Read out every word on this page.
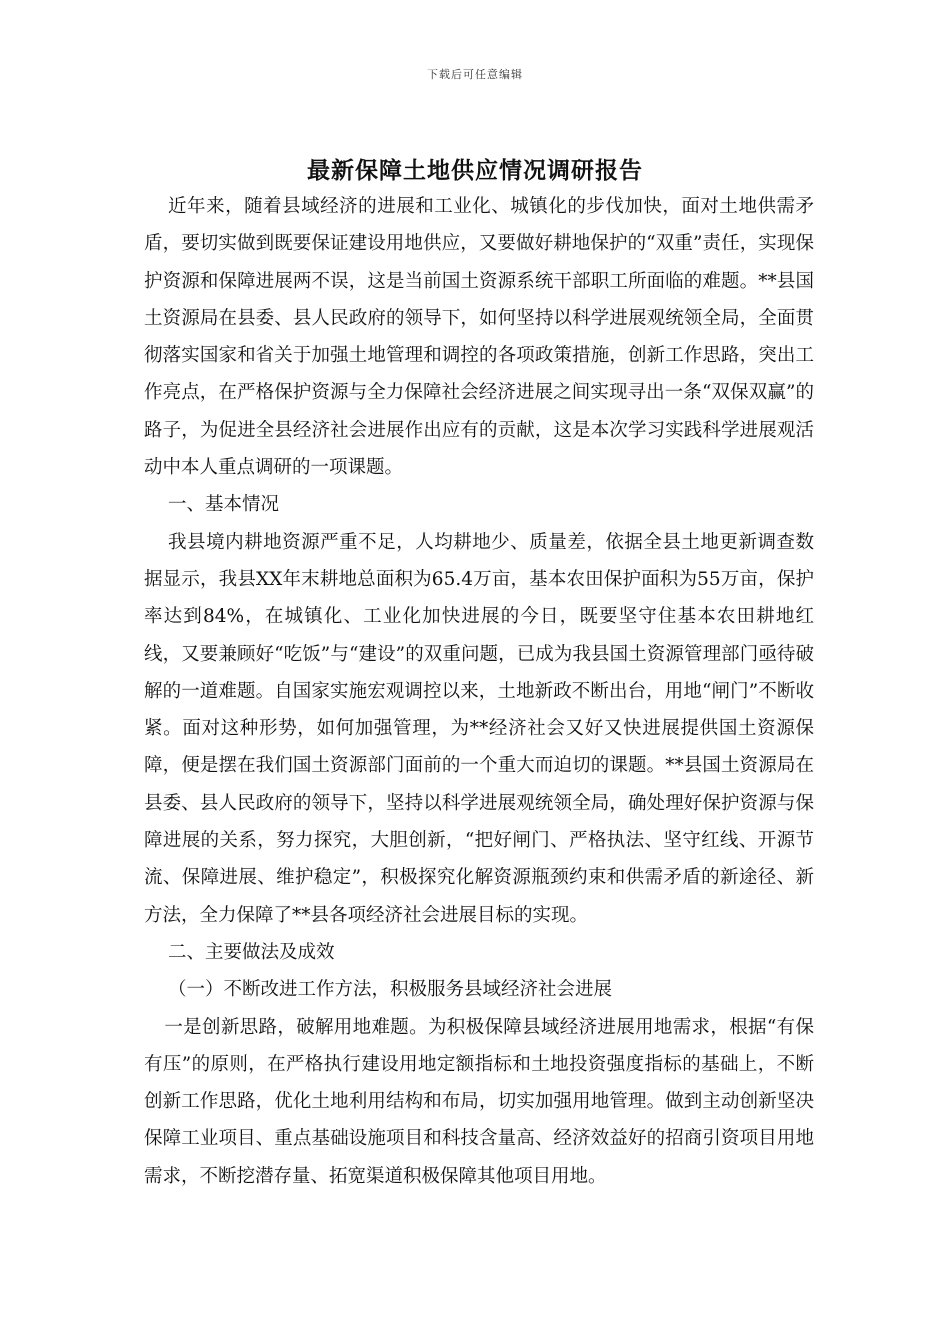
下载后可任意编辑
最新保障土地供应情况调研报告

近年来，随着县域经济的进展和工业化、城镇化的步伐加快，面对土地供需矛盾，要切实做到既要保证建设用地供应，又要做好耕地保护的“双重”责任，实现保护资源和保障进展两不误，这是当前国土资源系统干部职工所面临的难题。**县国土资源局在县委、县人民政府的领导下，如何坚持以科学进展观统领全局，全面贯彻落实国家和省关于加强土地管理和调控的各项政策措施，创新工作思路，突出工作亮点，在严格保护资源与全力保障社会经济进展之间实现寻出一条“双保双赢”的路子，为促进全县经济社会进展作出应有的贡献，这是本次学习实践科学进展观活动中本人重点调研的一项课题。

一、基本情况

我县境内耕地资源严重不足，人均耕地少、质量差，依据全县土地更新调查数据显示，我县XX年末耕地总面积为65.4万亩，基本农田保护面积为55万亩，保护率达到84%，在城镇化、工业化加快进展的今日，既要坚守住基本农田耕地红线，又要兼顾好“吃饭”与“建设”的双重问题，已成为我县国土资源管理部门亟待破解的一道难题。自国家实施宏观调控以来，土地新政不断出台，用地“闸门”不断收紧。面对这种形势，如何加强管理，为**经济社会又好又快进展提供国土资源保障，便是摆在我们国土资源部门面前的一个重大而迫切的课题。**县国土资源局在县委、县人民政府的领导下，坚持以科学进展观统领全局，确处理好保护资源与保障进展的关系，努力探究，大胆创新，“把好闸门、严格执法、坚守红线、开源节流、保障进展、维护稳定”，积极探究化解资源瓶颈约束和供需矛盾的新途径、新方法，全力保障了**县各项经济社会进展目标的实现。

二、主要做法及成效

（一）不断改进工作方法，积极服务县域经济社会进展

一是创新思路，破解用地难题。为积极保障县域经济进展用地需求，根据“有保有压”的原则，在严格执行建设用地定额指标和土地投资强度指标的基础上，不断创新工作思路，优化土地利用结构和布局，切实加强用地管理。做到主动创新坚决保障工业项目、重点基础设施项目和科技含量高、经济效益好的招商引资项目用地需求，不断挖潜存量、拓宽渠道积极保障其他项目用地。
